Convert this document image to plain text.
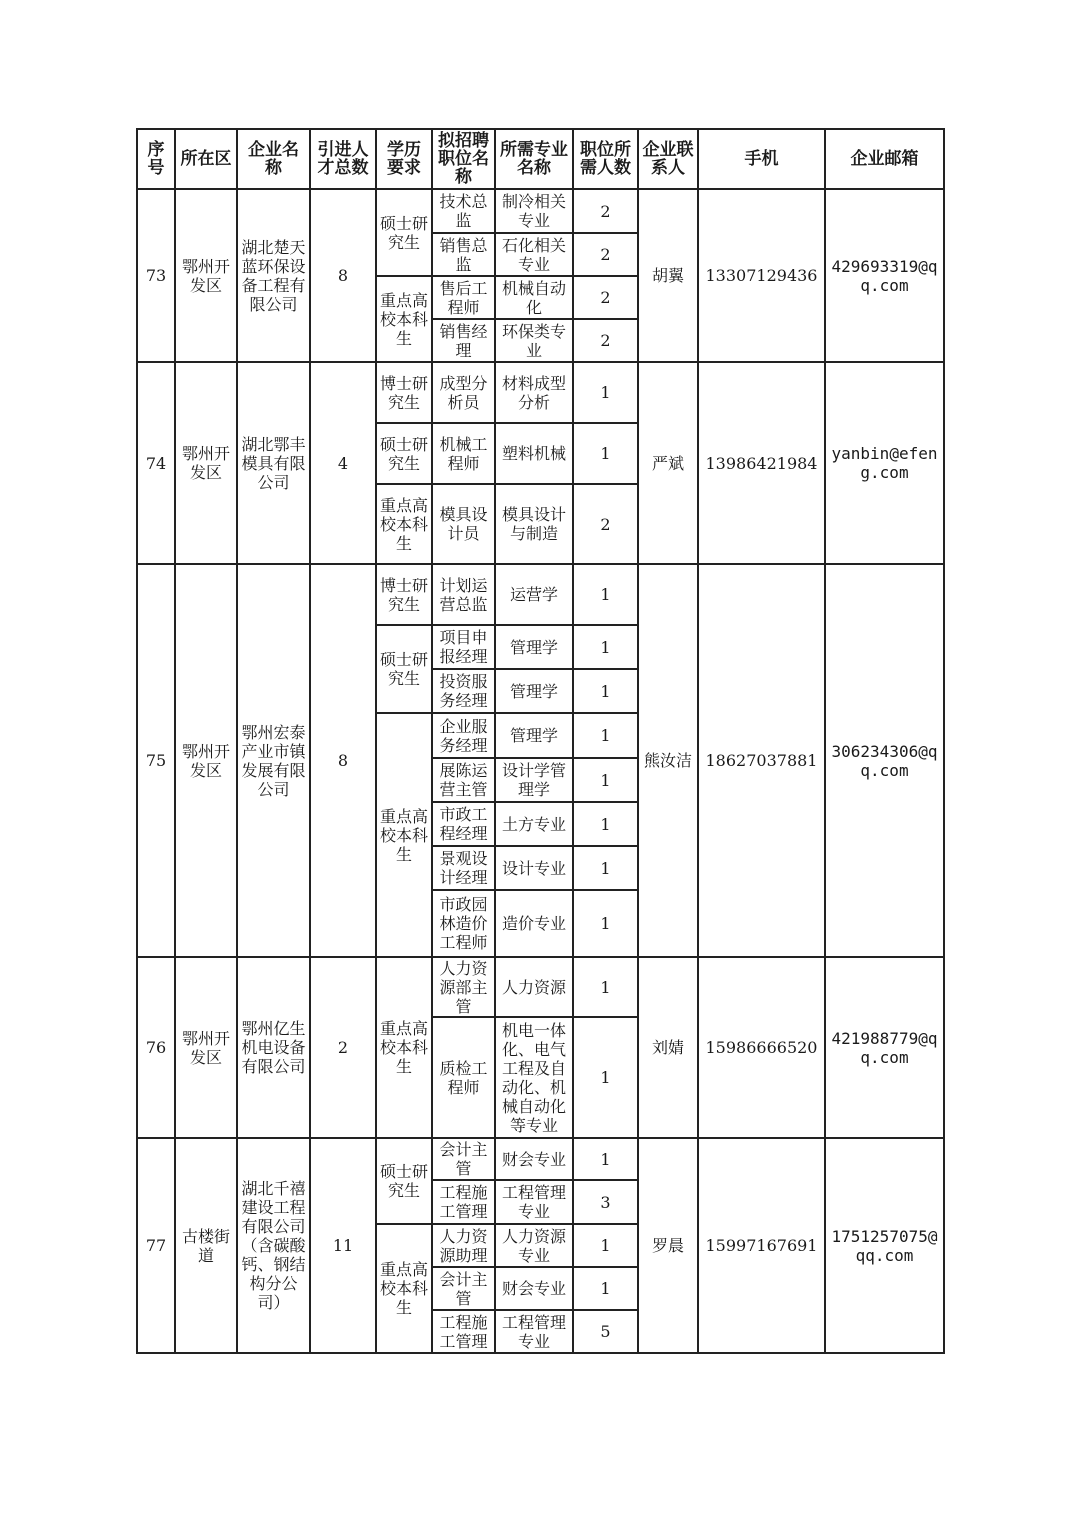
序号	所在区	企业名称	引进人才总数	学历要求	拟招聘职位名称	所需专业名称	职位所需人数	企业联系人	手机	企业邮箱
73	鄂州开发区	湖北楚天蓝环保设备工程有限公司	8	硕士研究生	技术总监	制冷相关专业	2	胡翼	13307129436	429693319@qq.com
					销售总监	石化相关专业	2			
				重点高校本科生	售后工程师	机械自动化	2			
					销售经理	环保类专业	2			
74	鄂州开发区	湖北鄂丰模具有限公司	4	博士研究生	成型分析员	材料成型分析	1	严斌	13986421984	yanbin@efeng.com
				硕士研究生	机械工程师	塑料机械	1			
				重点高校本科生	模具设计员	模具设计与制造	2			
75	鄂州开发区	鄂州宏泰产业市镇发展有限公司	8	博士研究生	计划运营总监	运营学	1	熊汝洁	18627037881	306234306@qq.com
				硕士研究生	项目申报经理	管理学	1			
					投资服务经理	管理学	1			
				重点高校本科生	企业服务经理	管理学	1			
					展陈运营主管	设计学管理学	1			
					市政工程经理	土方专业	1			
					景观设计经理	设计专业	1			
					市政园林造价工程师	造价专业	1			
76	鄂州开发区	鄂州亿生机电设备有限公司	2	重点高校本科生	人力资源部主管	人力资源	1	刘婧	15986666520	421988779@qq.com
					质检工程师	机电一体化、电气工程及自动化、机械自动化等专业	1			
77	古楼街道	湖北千禧建设工程有限公司（含碳酸钙、钢结构分公司）	11	硕士研究生	会计主管	财会专业	1	罗晨	15997167691	1751257075@qq.com
					工程施工管理	工程管理专业	3			
				重点高校本科生	人力资源助理	人力资源专业	1			
					会计主管	财会专业	1			
					工程施工管理	工程管理专业	5			
